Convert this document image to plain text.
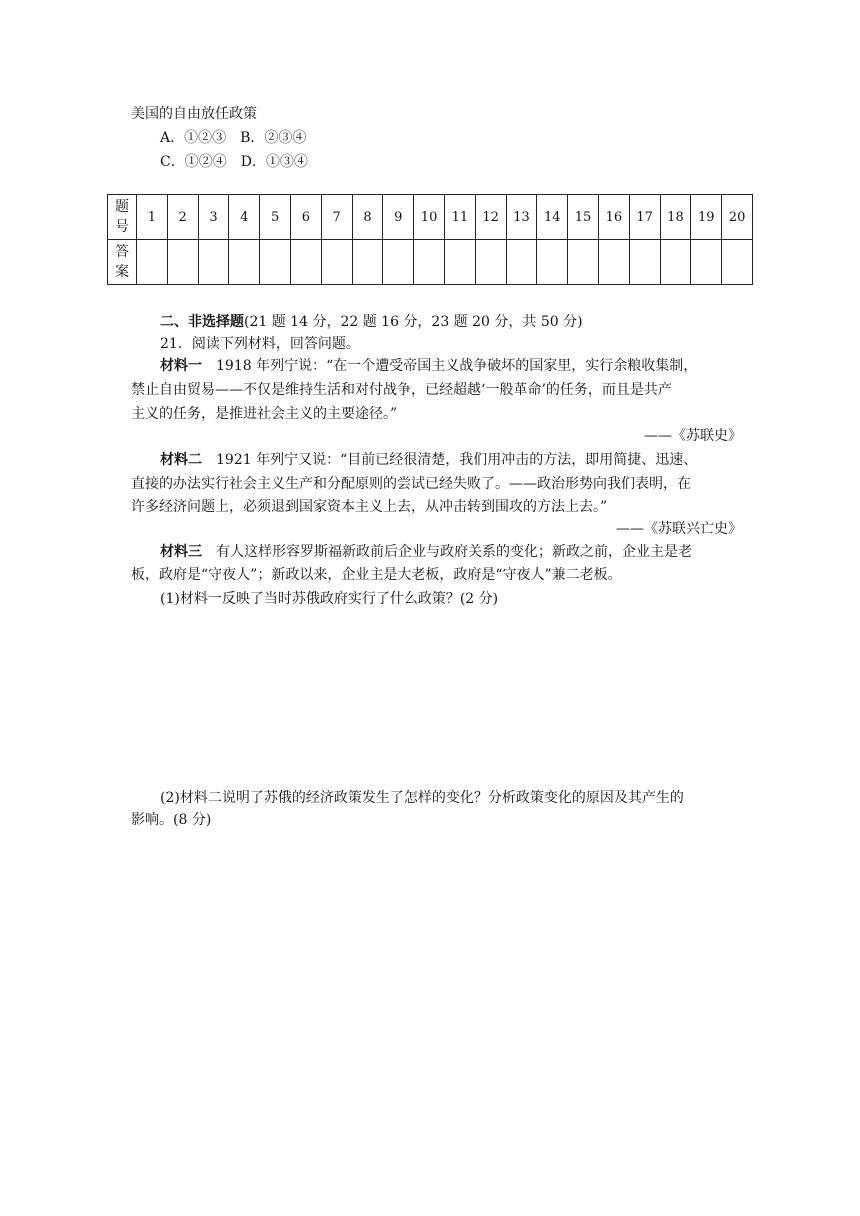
美国的自由放任政策
A．①②③　B．②③④
C．①②④　D．①③④
题
号	1	2	3	4	5	6	7	8	9	10	11	12	13	14	15	16	17	18	19	20

答
案																				

二、非选择题(21 题 14 分，22 题 16 分，23 题 20 分，共 50 分)
21．阅读下列材料，回答问题。
材料一　1918 年列宁说：“在一个遭受帝国主义战争破坏的国家里，实行余粮收集制，
禁止自由贸易——不仅是维持生活和对付战争，已经超越‘一般革命’的任务，而且是共产
主义的任务，是推进社会主义的主要途径。”
——《苏联史》
材料二　1921 年列宁又说：“目前已经很清楚，我们用冲击的方法，即用简捷、迅速、
直接的办法实行社会主义生产和分配原则的尝试已经失败了。——政治形势向我们表明，在
许多经济问题上，必须退到国家资本主义上去，从冲击转到围攻的方法上去。”
——《苏联兴亡史》
材料三　有人这样形容罗斯福新政前后企业与政府关系的变化；新政之前，企业主是老
板，政府是“守夜人”；新政以来，企业主是大老板，政府是“守夜人”兼二老板。
(1)材料一反映了当时苏俄政府实行了什么政策？(2 分)
(2)材料二说明了苏俄的经济政策发生了怎样的变化？分析政策变化的原因及其产生的
影响。(8 分)
